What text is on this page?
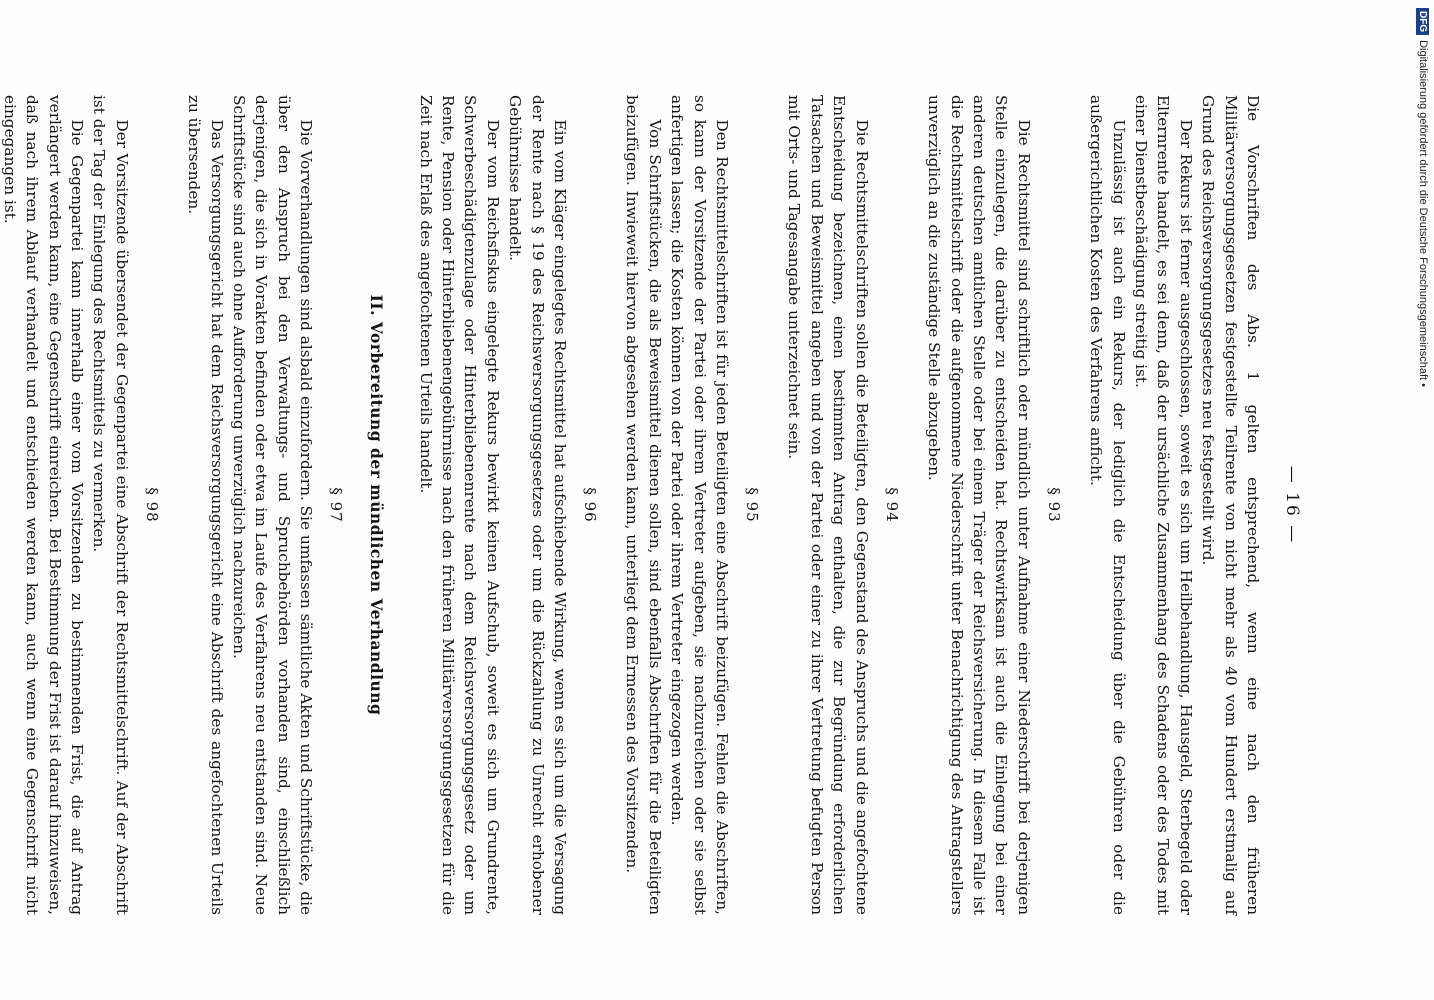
— 16 —

Die Vorschriften des Abs. 1 gelten entsprechend, wenn eine nach den früheren Militärversorgungsgesetzen festgestellte Teilrente von nicht mehr als 40 vom Hundert erstmalig auf Grund des Reichsversorgungsgesetzes neu festgestellt wird.

Der Rekurs ist ferner ausgeschlossen, soweit es sich um Heilbehandlung, Hausgeld, Sterbegeld oder Elternrente handelt, es sei denn, daß der ursächliche Zusammenhang des Schadens oder des Todes mit einer Dienstbeschädigung streitig ist.

Unzulässig ist auch ein Rekurs, der lediglich die Entscheidung über die Gebühren oder die außergerichtlichen Kosten des Verfahrens anficht.

§ 93

Die Rechtsmittel sind schriftlich oder mündlich unter Aufnahme einer Niederschrift bei derjenigen Stelle einzulegen, die darüber zu entscheiden hat. Rechtswirksam ist auch die Einlegung bei einer anderen deutschen amtlichen Stelle oder bei einem Träger der Reichsversicherung. In diesem Falle ist die Rechtsmittelschrift oder die aufgenommene Niederschrift unter Benachrichtigung des Antragstellers unverzüglich an die zuständige Stelle abzugeben.

§ 94

Die Rechtsmittelschriften sollen die Beteiligten, den Gegenstand des Anspruchs und die angefochtene Entscheidung bezeichnen, einen bestimmten Antrag enthalten, die zur Begründung erforderlichen Tatsachen und Beweismittel angeben und von der Partei oder einer zu ihrer Vertretung befugten Person mit Orts- und Tagesangabe unterzeichnet sein.

§ 95

Den Rechtsmittelschriften ist für jeden Beteiligten eine Abschrift beizufügen. Fehlen die Abschriften, so kann der Vorsitzende der Partei oder ihrem Vertreter aufgeben, sie nachzureichen oder sie selbst anfertigen lassen; die Kosten können von der Partei oder ihrem Vertreter eingezogen werden.

Von Schriftstücken, die als Beweismittel dienen sollen, sind ebenfalls Abschriften für die Beteiligten beizufügen. Inwieweit hiervon abgesehen werden kann, unterliegt dem Ermessen des Vorsitzenden.

§ 96

Ein vom Kläger eingelegtes Rechtsmittel hat aufschiebende Wirkung, wenn es sich um die Versagung der Rente nach § 19 des Reichsversorgungsgesetzes oder um die Rückzahlung zu Unrecht erhobener Gebührnisse handelt.

Der vom Reichsfiskus eingelegte Rekurs bewirkt keinen Aufschub, soweit es sich um Grundrente, Schwerbeschädigtenzulage oder Hinterbliebenenrente nach dem Reichsversorgungsgesetz oder um Rente, Pension oder Hinterbliebenengebührnisse nach den früheren Militärversorgungsgesetzen für die Zeit nach Erlaß des angefochtenen Urteils handelt.

II. Vorbereitung der mündlichen Verhandlung
§ 97

Die Vorverhandlungen sind alsbald einzufordern. Sie umfassen sämtliche Akten und Schriftstücke, die über den Anspruch bei den Verwaltungs- und Spruchbehörden vorhanden sind, einschließlich derjenigen, die sich in Vorakten befinden oder etwa im Laufe des Verfahrens neu entstanden sind. Neue Schriftstücke sind auch ohne Aufforderung unverzüglich nachzureichen.

Das Versorgungsgericht hat dem Reichsversorgungsgericht eine Abschrift des angefochtenen Urteils zu übersenden.

§ 98

Der Vorsitzende übersendet der Gegenpartei eine Abschrift der Rechtsmittelschrift. Auf der Abschrift ist der Tag der Einlegung des Rechtsmittels zu vermerken.

Die Gegenpartei kann innerhalb einer vom Vorsitzenden zu bestimmenden Frist, die auf Antrag verlängert werden kann, eine Gegenschrift einreichen. Bei Bestimmung der Frist ist darauf hinzuweisen, daß nach ihrem Ablauf verhandelt und entschieden werden kann, auch wenn eine Gegenschrift nicht eingegangen ist.

DFG
Digitalisierung gefördert durch die Deutsche Forschungsgemeinschaft •
